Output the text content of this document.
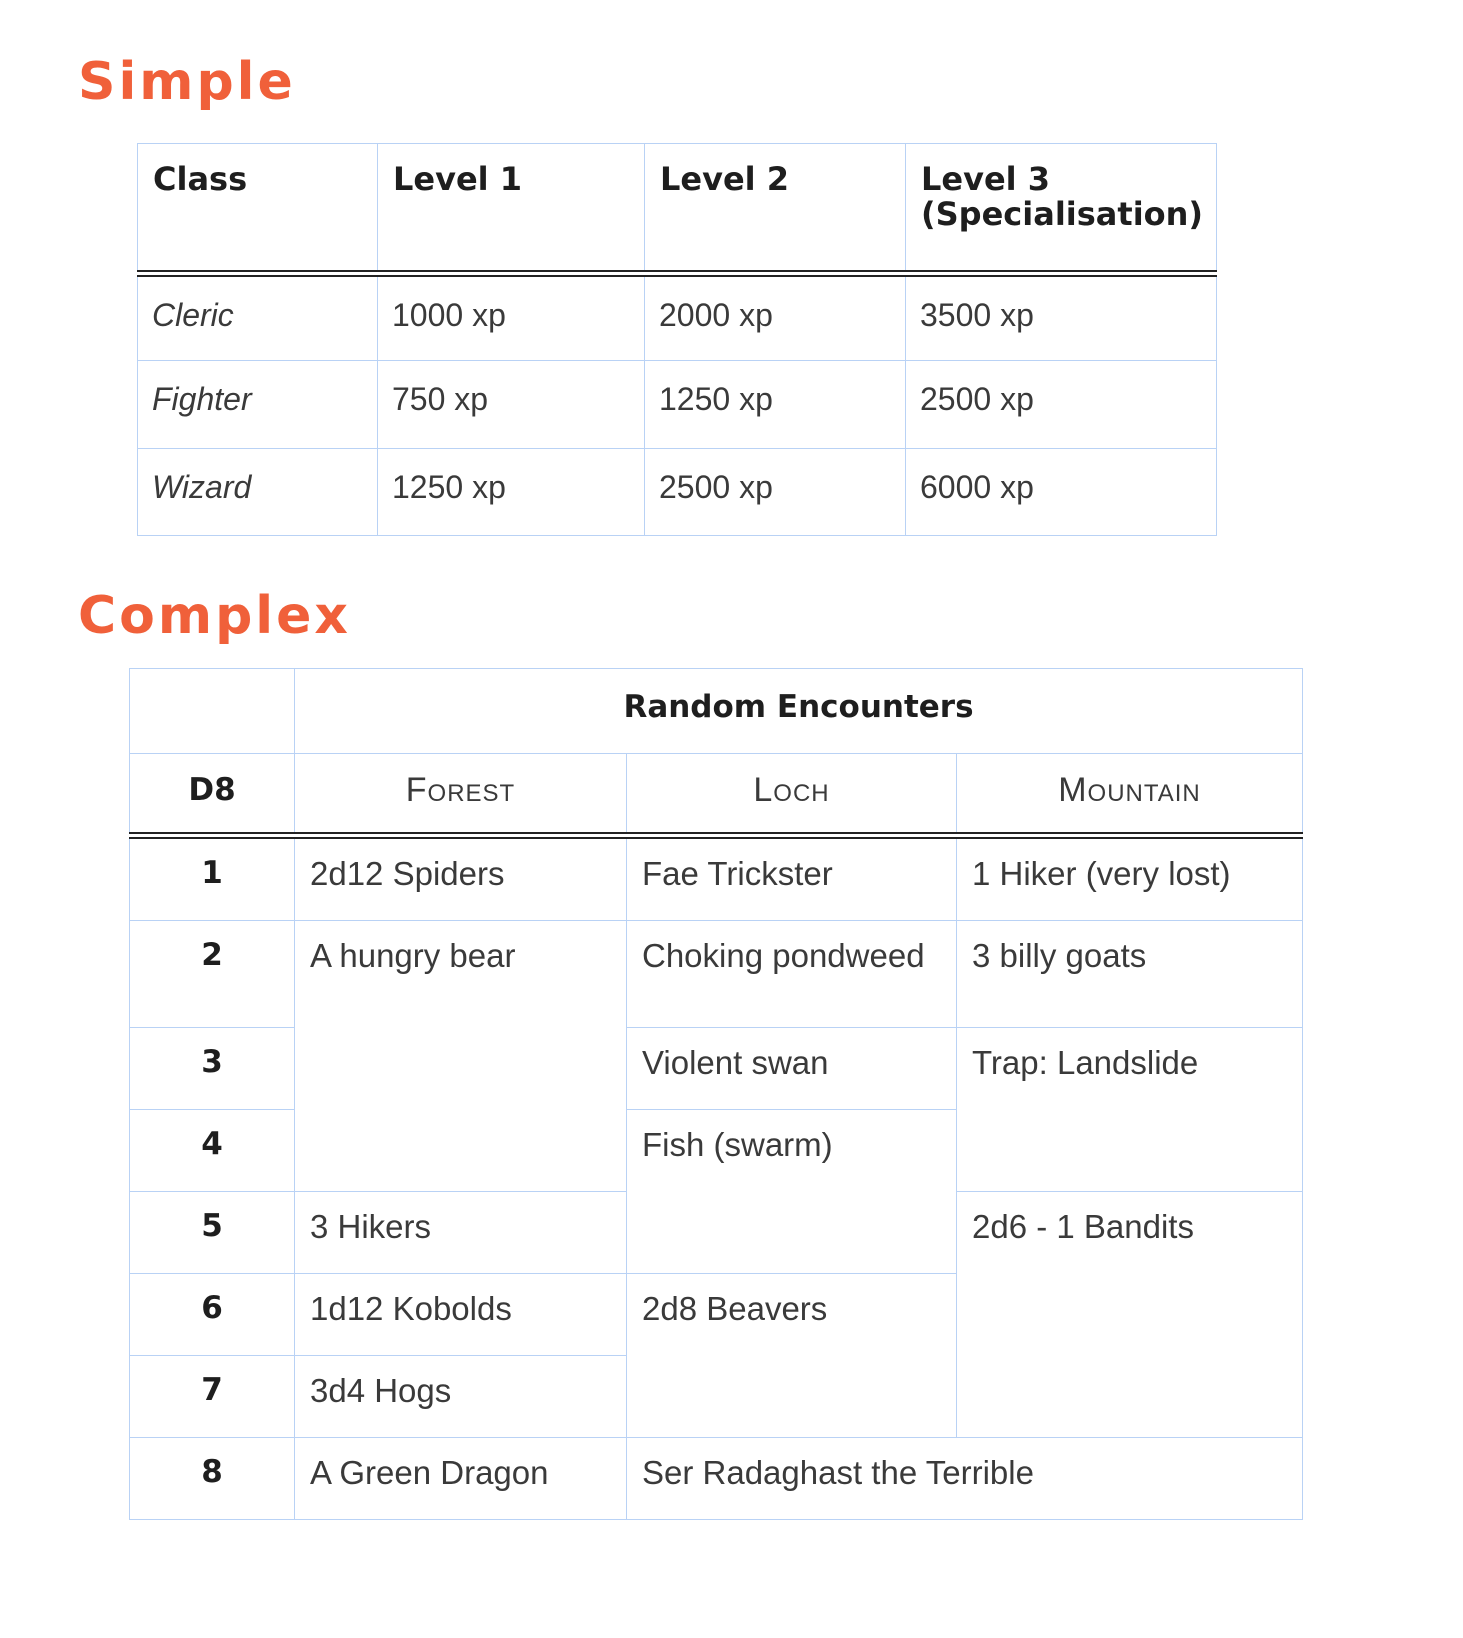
Simple
Class	Level 1	Level 2	Level 3
(Specialisation)

Cleric	1000 xp	2000 xp	3500 xp
Fighter	750 xp	1250 xp	2500 xp
Wizard	1250 xp	2500 xp	6000 xp
Complex
	Random Encounters		
D8	Forest	Loch	Mountain
1	2d12 Spiders	Fae Trickster	1 Hiker (very lost)
2	A hungry bear	Choking pondweed	3 billy goats
3		Violent swan	Trap: Landslide
4		Fish (swarm)	
5	3 Hikers		2d6 - 1 Bandits
6	1d12 Kobolds	2d8 Beavers	
7	3d4 Hogs		
8	A Green Dragon	Ser Radaghast the Terrible	
